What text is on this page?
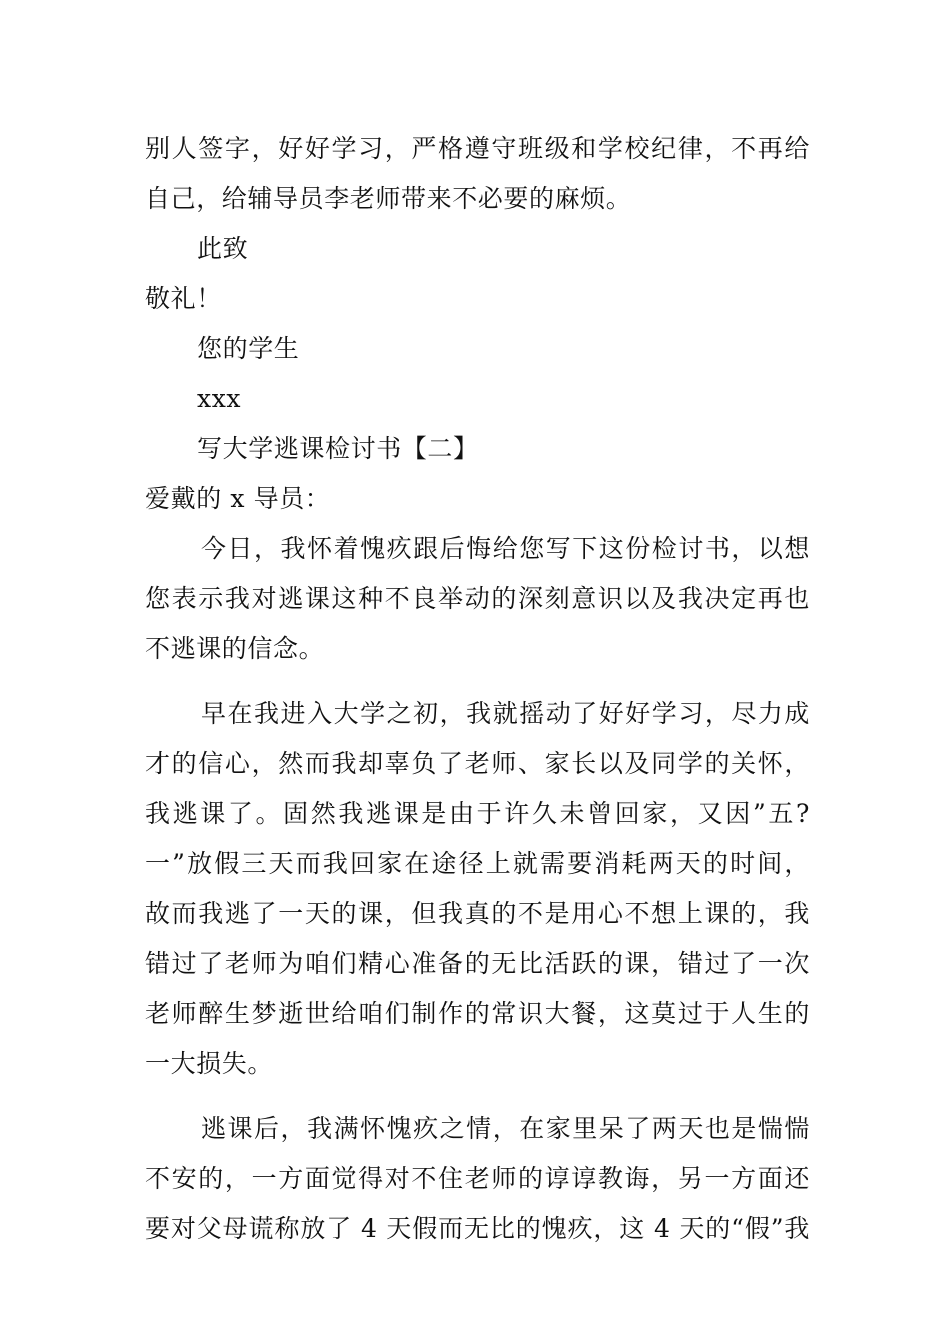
别人签字，好好学习，严格遵守班级和学校纪律，不再给
自己，给辅导员李老师带来不必要的麻烦。
此致
敬礼！
您的学生
xxx
写大学逃课检讨书【二】
爱戴的 x 导员：
今日，我怀着愧疚跟后悔给您写下这份检讨书，以想
您表示我对逃课这种不良举动的深刻意识以及我决定再也
不逃课的信念。
早在我进入大学之初，我就摇动了好好学习，尽力成
才的信心，然而我却辜负了老师、家长以及同学的关怀，
我逃课了。固然我逃课是由于许久未曾回家，又因”五?
一”放假三天而我回家在途径上就需要消耗两天的时间，
故而我逃了一天的课，但我真的不是用心不想上课的，我
错过了老师为咱们精心准备的无比活跃的课，错过了一次
老师醉生梦逝世给咱们制作的常识大餐，这莫过于人生的
一大损失。
逃课后，我满怀愧疚之情，在家里呆了两天也是惴惴
不安的，一方面觉得对不住老师的谆谆教诲，另一方面还
要对父母谎称放了 4 天假而无比的愧疚，这 4 天的“假”我
